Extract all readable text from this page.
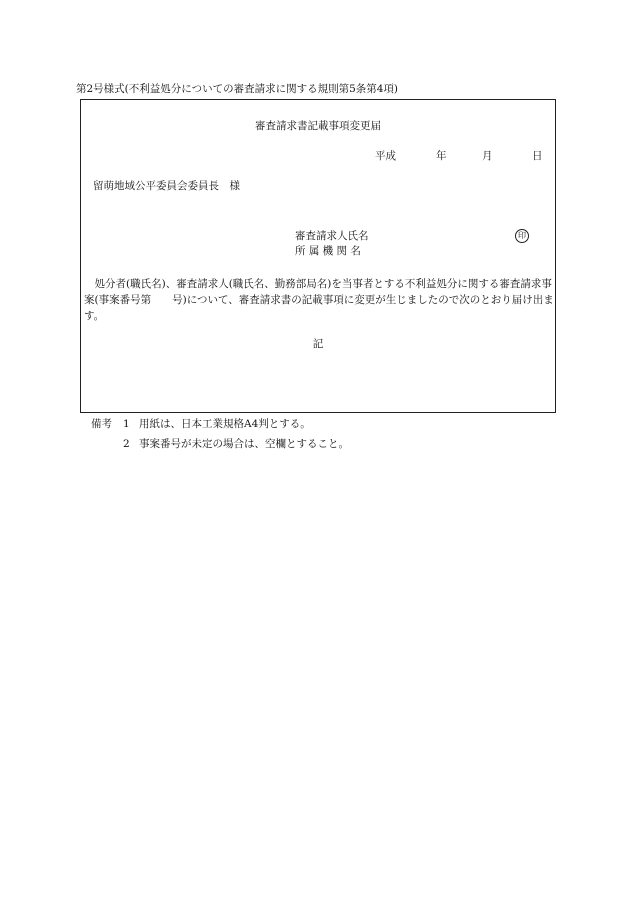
第2号様式(不利益処分についての審査請求に関する規則第5条第4項)
審査請求書記載事項変更届
平成	年	月	日
留萌地域公平委員会委員長　様
審査請求人氏名	印
所 属 機 関 名
　処分者(職氏名)、審査請求人(職氏名、勤務部局名)を当事者とする不利益処分に関する審査請求事案(事案番号第　　号)について、審査請求書の記載事項に変更が生じましたので次のとおり届け出ます。
記
備考 1 用紙は、日本工業規格A4判とする。
2 事案番号が未定の場合は、空欄とすること。
